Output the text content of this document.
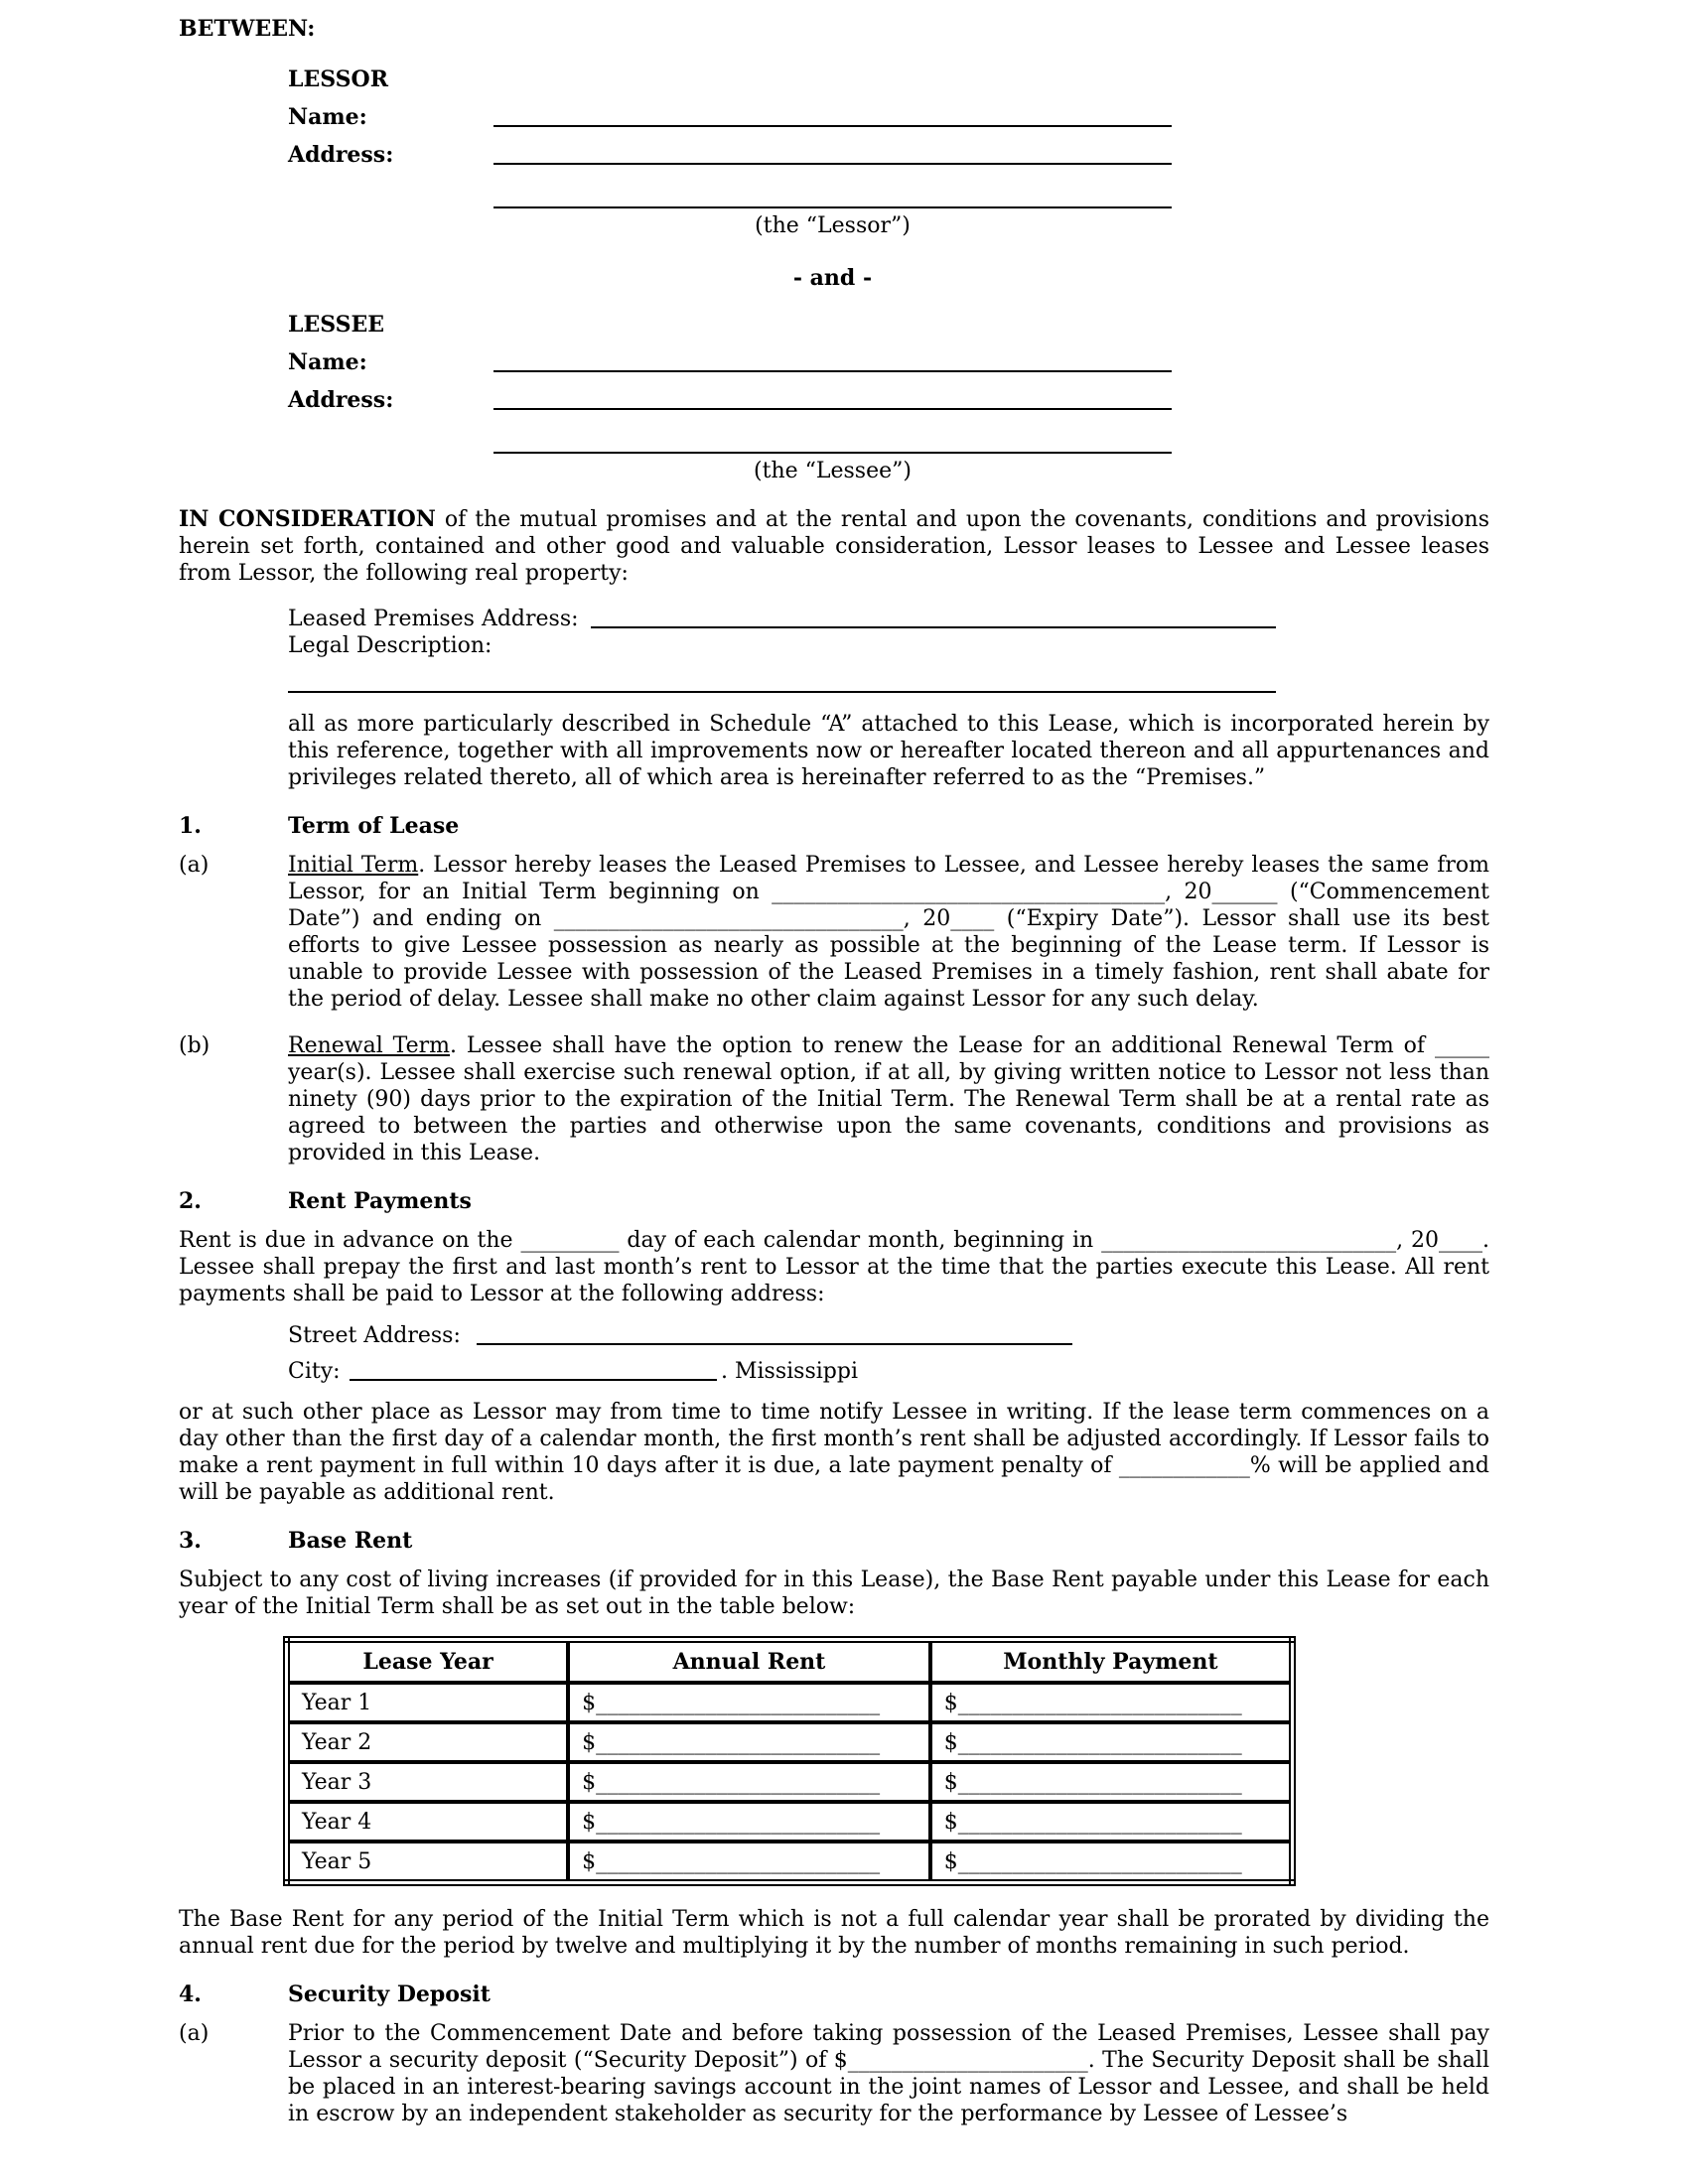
BETWEEN:
LESSOR
Name:
Address:
(the “Lessor”)
- and -
LESSEE
Name:
Address:
(the “Lessee”)

IN CONSIDERATION of the mutual promises and at the rental and upon the covenants, conditions and provisions herein set forth, contained and other good and valuable consideration, Lessor leases to Lessee and Lessee leases from Lessor, the following real property:

Leased Premises Address:
Legal Description:

all as more particularly described in Schedule “A” attached to this Lease, which is incorporated herein by this reference, together with all improvements now or hereafter located thereon and all appurtenances and privileges related thereto, all of which area is hereinafter referred to as the “Premises.”

1.	Term of Lease
(a)	Initial Term. Lessor hereby leases the Leased Premises to Lessee, and Lessee hereby leases the same from Lessor, for an Initial Term beginning on ____________________________________, 20______ (“Commencement Date”) and ending on ________________________________, 20____ (“Expiry Date”). Lessor shall use its best efforts to give Lessee possession as nearly as possible at the beginning of the Lease term. If Lessor is unable to provide Lessee with possession of the Leased Premises in a timely fashion, rent shall abate for the period of delay. Lessee shall make no other claim against Lessor for any such delay.

(b)	Renewal Term. Lessee shall have the option to renew the Lease for an additional Renewal Term of _____ year(s). Lessee shall exercise such renewal option, if at all, by giving written notice to Lessor not less than ninety (90) days prior to the expiration of the Initial Term. The Renewal Term shall be at a rental rate as agreed to between the parties and otherwise upon the same covenants, conditions and provisions as provided in this Lease.

2.	Rent Payments

Rent is due in advance on the _________ day of each calendar month, beginning in ___________________________, 20____. Lessee shall prepay the first and last month’s rent to Lessor at the time that the parties execute this Lease. All rent payments shall be paid to Lessor at the following address:

Street Address:
City:	. Mississippi

or at such other place as Lessor may from time to time notify Lessee in writing. If the lease term commences on a day other than the first day of a calendar month, the first month’s rent shall be adjusted accordingly. If Lessor fails to make a rent payment in full within 10 days after it is due, a late payment penalty of ____________% will be applied and will be payable as additional rent.

3.	Base Rent

Subject to any cost of living increases (if provided for in this Lease), the Base Rent payable under this Lease for each year of the Initial Term shall be as set out in the table below:

Lease Year	Annual Rent	Monthly Payment
Year 1	$__________________________	$__________________________
Year 2	$__________________________	$__________________________
Year 3	$__________________________	$__________________________
Year 4	$__________________________	$__________________________
Year 5	$__________________________	$__________________________

The Base Rent for any period of the Initial Term which is not a full calendar year shall be prorated by dividing the annual rent due for the period by twelve and multiplying it by the number of months remaining in such period.

4.	Security Deposit
(a)	Prior to the Commencement Date and before taking possession of the Leased Premises, Lessee shall pay Lessor a security deposit (“Security Deposit”) of $______________________. The Security Deposit shall be shall be placed in an interest-bearing savings account in the joint names of Lessor and Lessee, and shall be held in escrow by an independent stakeholder as security for the performance by Lessee of Lessee’s
